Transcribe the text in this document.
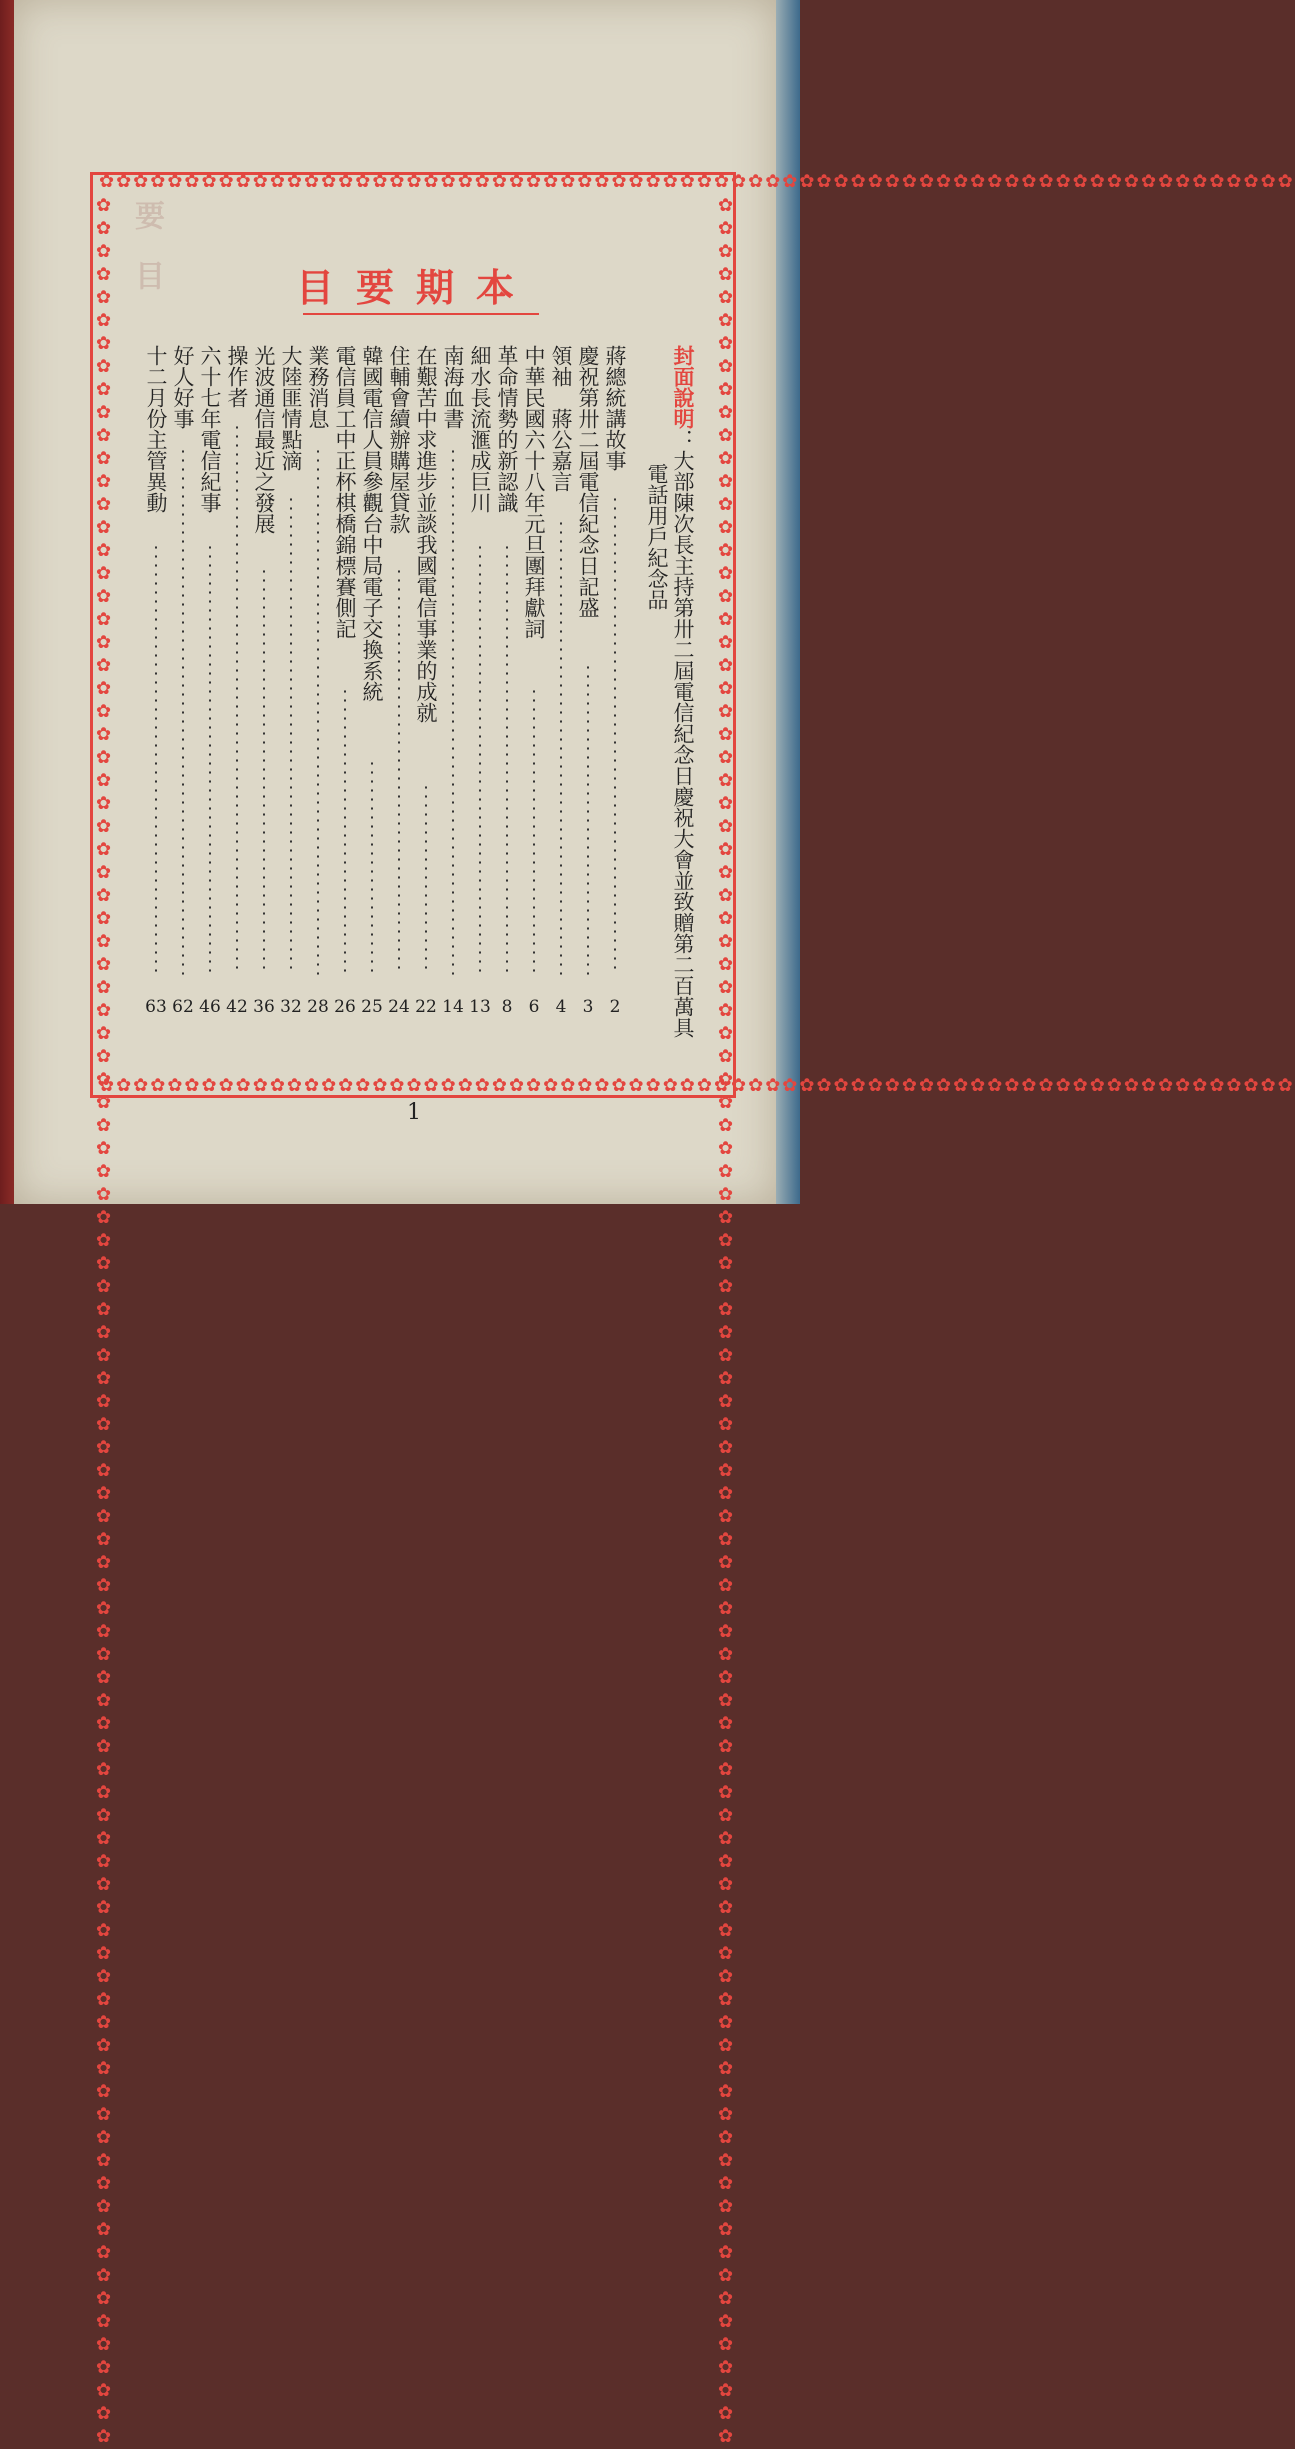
要　目
✿✿✿✿✿✿✿✿✿✿✿✿✿✿✿✿✿✿✿✿✿✿✿✿✿✿✿✿✿✿✿✿✿✿✿✿✿✿✿✿✿✿✿✿✿✿✿✿✿✿✿✿✿✿✿✿✿✿✿✿✿✿✿✿✿✿✿✿✿✿
✿✿✿✿✿✿✿✿✿✿✿✿✿✿✿✿✿✿✿✿✿✿✿✿✿✿✿✿✿✿✿✿✿✿✿✿✿✿✿✿✿✿✿✿✿✿✿✿✿✿✿✿✿✿✿✿✿✿✿✿✿✿✿✿✿✿✿✿✿✿
✿✿✿✿✿✿✿✿✿✿✿✿✿✿✿✿✿✿✿✿✿✿✿✿✿✿✿✿✿✿✿✿✿✿✿✿✿✿✿✿✿✿✿✿✿✿✿✿✿✿✿✿✿✿✿✿✿✿✿✿✿✿✿✿✿✿✿✿✿✿✿✿✿✿✿✿✿✿✿✿✿✿✿✿✿✿✿✿✿✿✿✿✿✿✿✿✿✿	✿✿✿✿✿✿✿✿✿✿✿✿✿✿✿✿✿✿✿✿✿✿✿✿✿✿✿✿✿✿✿✿✿✿✿✿✿✿✿✿✿✿✿✿✿✿✿✿✿✿✿✿✿✿✿✿✿✿✿✿✿✿✿✿✿✿✿✿✿✿✿✿✿✿✿✿✿✿✿✿✿✿✿✿✿✿✿✿✿✿✿✿✿✿✿✿✿✿
目要期本
封面說明：大部陳次長主持第卅二屆電信紀念日慶祝大會並致贈第二百萬具
電話用戶紀念品
蔣總統講故事
2
慶祝第卅二屆電信紀念日記盛
3
領袖　蔣公嘉言
4
中華民國六十八年元旦團拜獻詞
6
革命情勢的新認識
8
細水長流滙成巨川
13
南海血書
14
在艱苦中求進步並談我國電信事業的成就
22
住輔會續辦購屋貸款
24
韓國電信人員參觀台中局電子交換系統
25
電信員工中正杯棋橋錦標賽側記
26
業務消息
28
大陸匪情點滴
32
光波通信最近之發展
36
操作者
42
六十七年電信紀事
46
好人好事
62
十二月份主管異動
63
1
